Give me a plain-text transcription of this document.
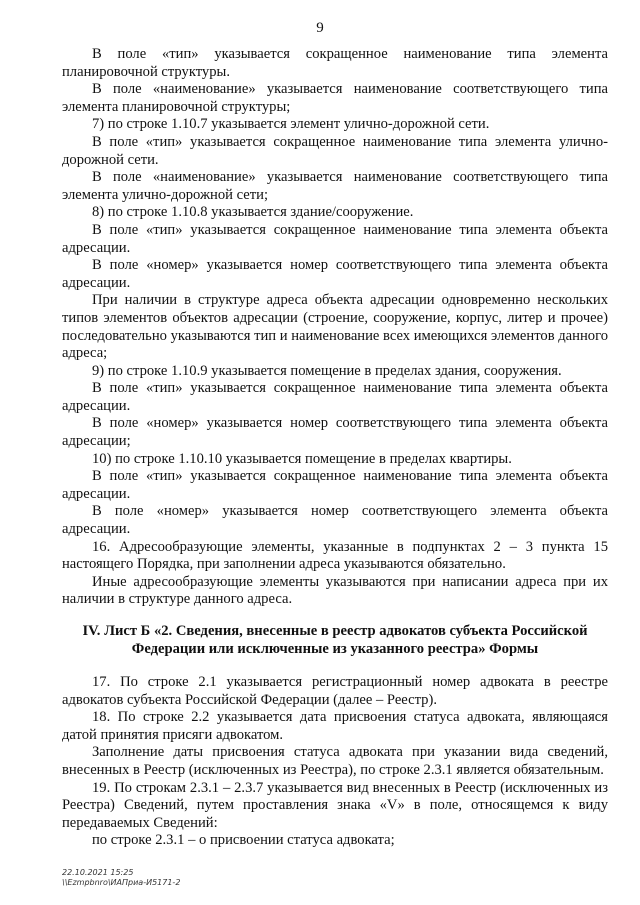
9

В поле «тип» указывается сокращенное наименование типа элемента планировочной структуры.

В поле «наименование» указывается наименование соответствующего типа элемента планировочной структуры;

7) по строке 1.10.7 указывается элемент улично-дорожной сети.

В поле «тип» указывается сокращенное наименование типа элемента улично-дорожной сети.

В поле «наименование» указывается наименование соответствующего типа элемента улично-дорожной сети;

8) по строке 1.10.8 указывается здание/сооружение.

В поле «тип» указывается сокращенное наименование типа элемента объекта адресации.

В поле «номер» указывается номер соответствующего типа элемента объекта адресации.

При наличии в структуре адреса объекта адресации одновременно нескольких типов элементов объектов адресации (строение, сооружение, корпус, литер и прочее) последовательно указываются тип и наименование всех имеющихся элементов данного адреса;

9) по строке 1.10.9 указывается помещение в пределах здания, сооружения.

В поле «тип» указывается сокращенное наименование типа элемента объекта адресации.

В поле «номер» указывается номер соответствующего типа элемента объекта адресации;

10) по строке 1.10.10 указывается помещение в пределах квартиры.

В поле «тип» указывается сокращенное наименование типа элемента объекта адресации.

В поле «номер» указывается номер соответствующего элемента объекта адресации.

16. Адресообразующие элементы, указанные в подпунктах 2 – 3 пункта 15 настоящего Порядка, при заполнении адреса указываются обязательно.

Иные адресообразующие элементы указываются при написании адреса при их наличии в структуре данного адреса.

IV. Лист Б «2. Сведения, внесенные в реестр адвокатов субъекта Российской Федерации или исключенные из указанного реестра» Формы

17. По строке 2.1 указывается регистрационный номер адвоката в реестре адвокатов субъекта Российской Федерации (далее – Реестр).

18. По строке 2.2 указывается дата присвоения статуса адвоката, являющаяся датой принятия присяги адвокатом.

Заполнение даты присвоения статуса адвоката при указании вида сведений, внесенных в Реестр (исключенных из Реестра), по строке 2.3.1 является обязательным.

19. По строкам 2.3.1 – 2.3.7 указывается вид внесенных в Реестр (исключенных из Реестра) Сведений, путем проставления знака «V» в поле, относящемся к виду передаваемых Сведений:

по строке 2.3.1 – о присвоении статуса адвоката;

22.10.2021 15:25
\\Ezmpbnro\ИАПриа-И5171-2
